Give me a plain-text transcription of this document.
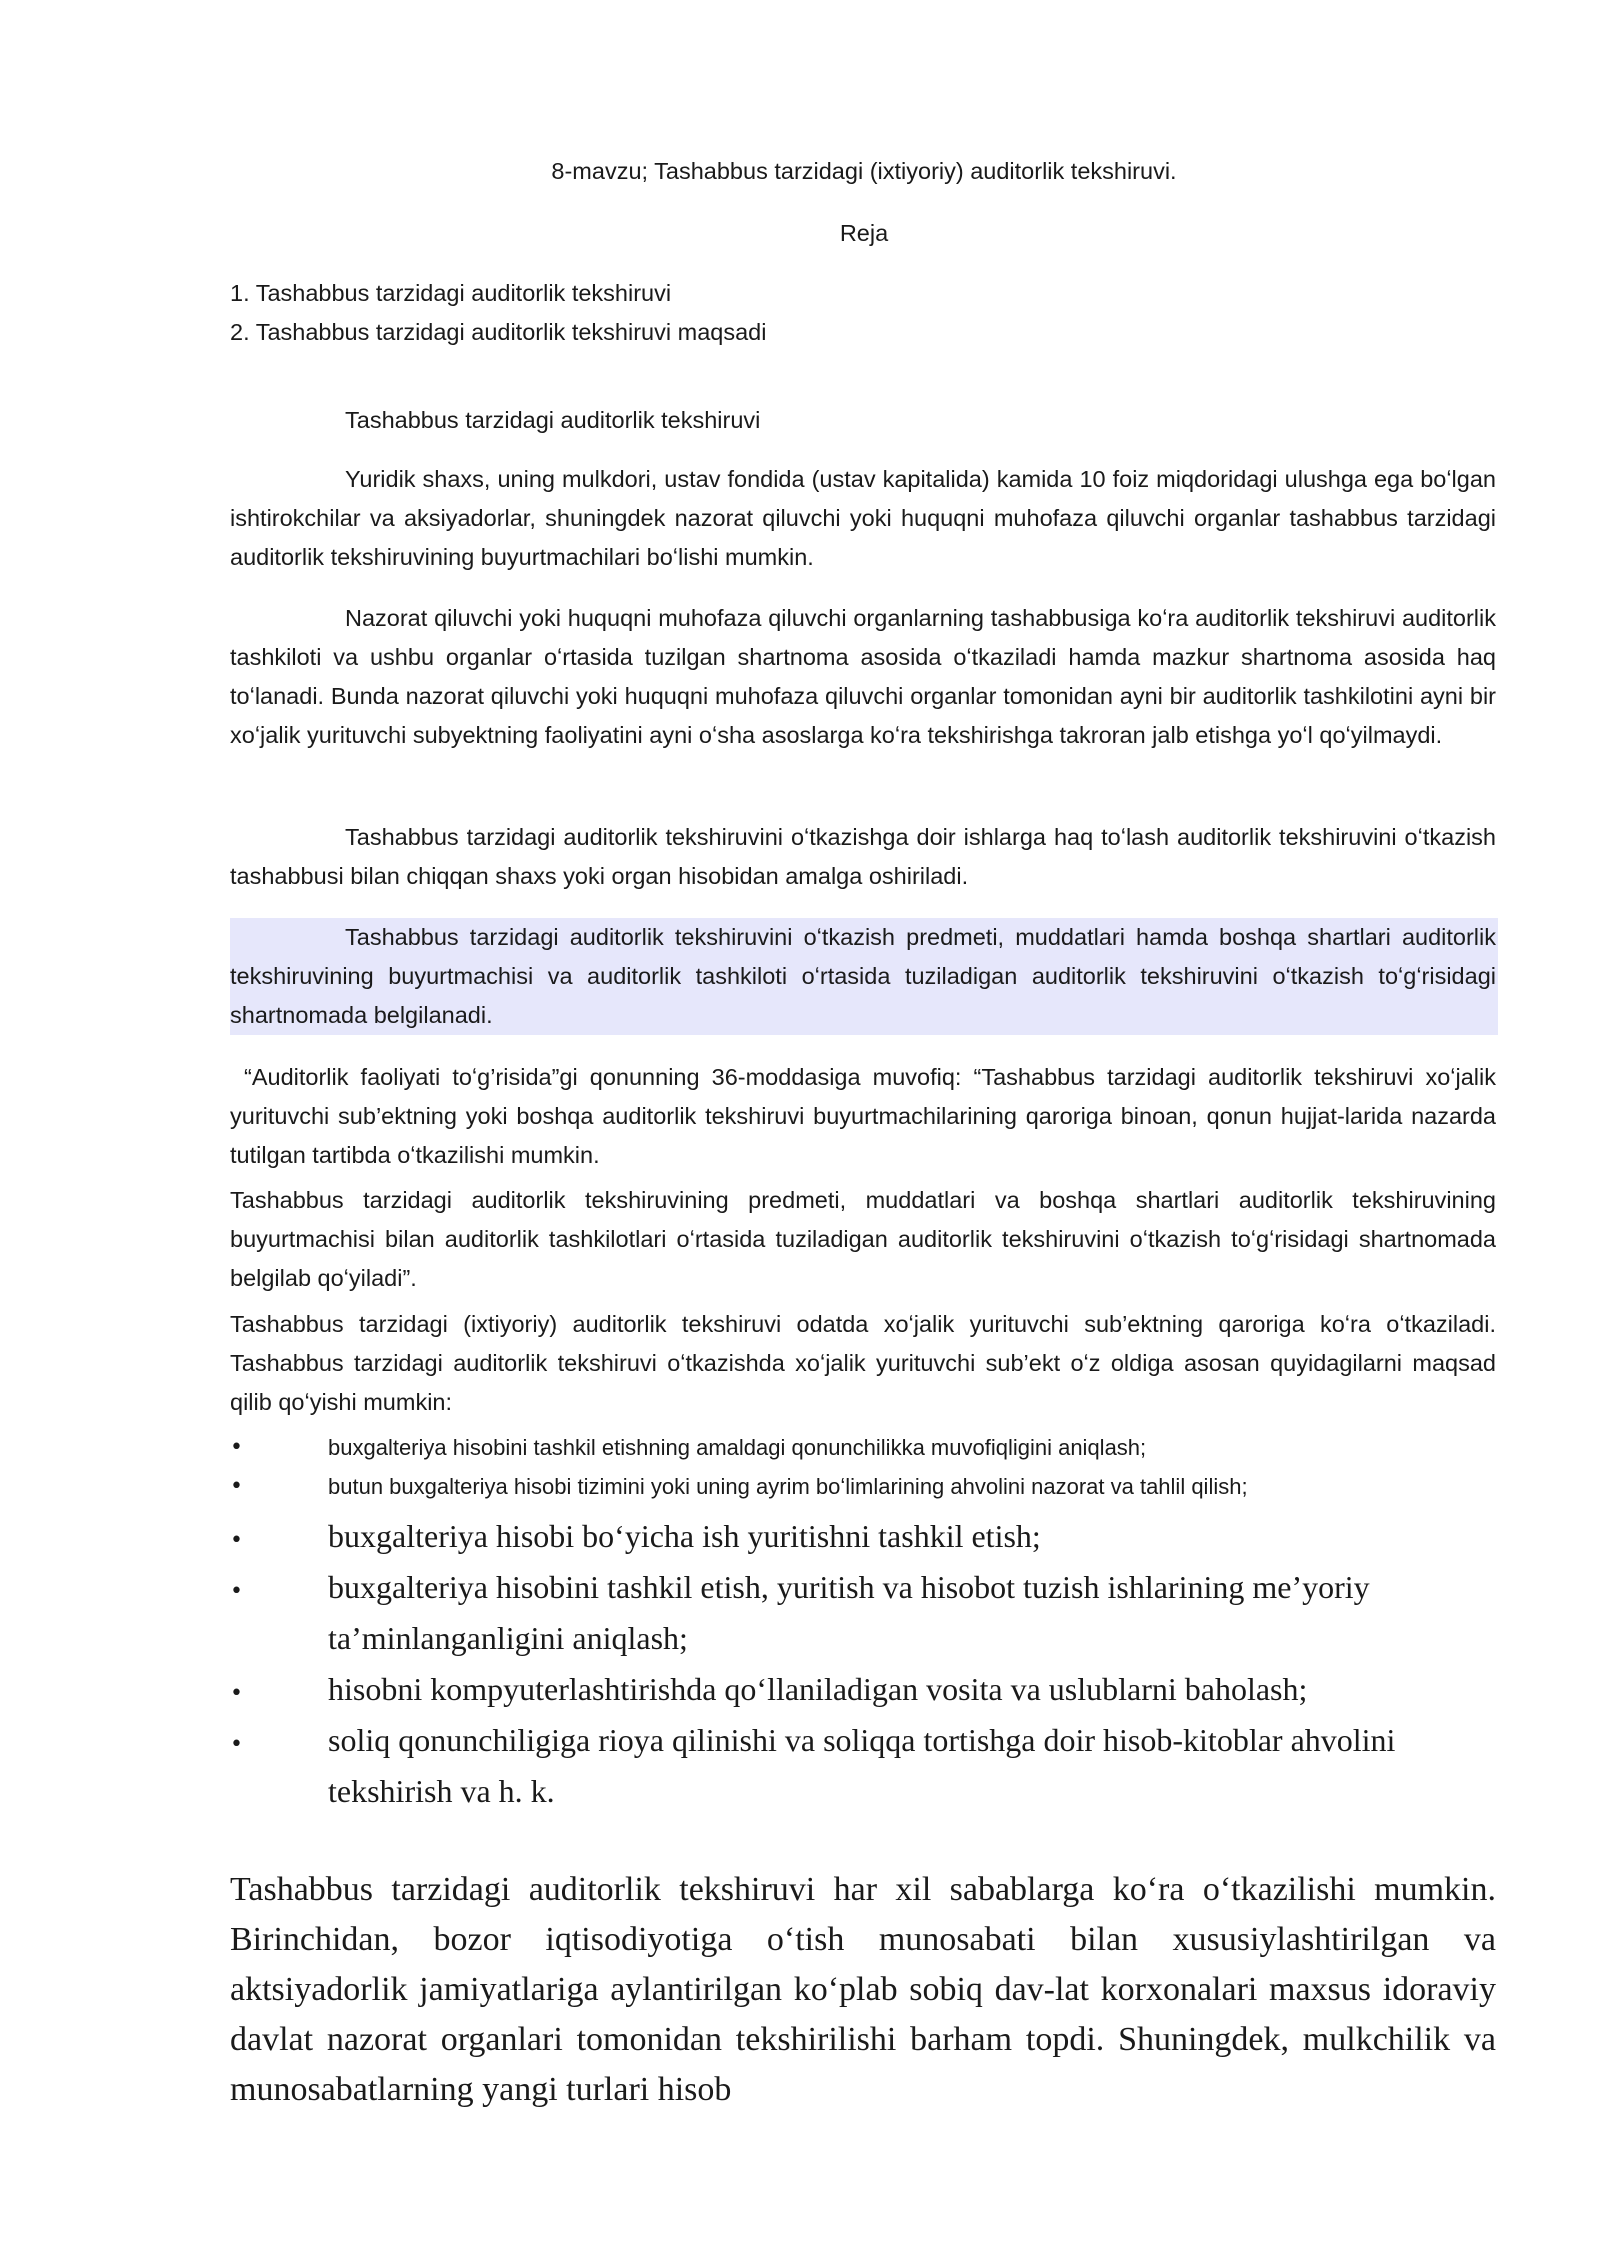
8-mavzu; Tashabbus tarzidagi (ixtiyoriy) auditorlik tekshiruvi.
Reja
1. Tashabbus tarzidagi auditorlik tekshiruvi
2. Tashabbus tarzidagi auditorlik tekshiruvi maqsadi
Tashabbus tarzidagi auditorlik tekshiruvi

Yuridik shaxs, uning mulkdori, ustav fondida (ustav kapitalida) kamida 10 foiz miqdoridagi ulushga ega boʻlgan ishtirokchilar va aksiyadorlar, shuningdek nazorat qiluvchi yoki huquqni muhofaza qiluvchi organlar tashabbus tarzidagi auditorlik tekshiruvining buyurtmachilari boʻlishi mumkin.

Nazorat qiluvchi yoki huquqni muhofaza qiluvchi organlarning tashabbusiga koʻra auditorlik tekshiruvi auditorlik tashkiloti va ushbu organlar oʻrtasida tuzilgan shartnoma asosida oʻtkaziladi hamda mazkur shartnoma asosida haq toʻlanadi. Bunda nazorat qiluvchi yoki huquqni muhofaza qiluvchi organlar tomonidan ayni bir auditorlik tashkilotini ayni bir xoʻjalik yurituvchi subyektning faoliyatini ayni oʻsha asoslarga koʻra tekshirishga takroran jalb etishga yoʻl qoʻyilmaydi.

Tashabbus tarzidagi auditorlik tekshiruvini oʻtkazishga doir ishlarga haq toʻlash auditorlik tekshiruvini oʻtkazish tashabbusi bilan chiqqan shaxs yoki organ hisobidan amalga oshiriladi.

Tashabbus tarzidagi auditorlik tekshiruvini oʻtkazish predmeti, muddatlari hamda boshqa shartlari auditorlik tekshiruvining buyurtmachisi va auditorlik tashkiloti oʻrtasida tuziladigan auditorlik tekshiruvini oʻtkazish toʻgʻrisidagi shartnomada belgilanadi.

“Auditorlik faoliyati toʻg’risida”gi qonunning 36-moddasiga muvofiq: “Tashabbus tarzidagi auditorlik tekshiruvi xoʻjalik yurituvchi sub’ektning yoki boshqa auditorlik tekshiruvi buyurtmachilarining qaroriga binoan, qonun hujjat-larida nazarda tutilgan tartibda oʻtkazilishi mumkin.

Tashabbus tarzidagi auditorlik tekshiruvining predmeti, muddatlari va boshqa shartlari auditorlik tekshiruvining buyurtmachisi bilan auditorlik tashkilotlari oʻrtasida tuziladigan auditorlik tekshiruvini oʻtkazish toʻgʻrisidagi shartnomada belgilab qoʻyiladi”.

Tashabbus tarzidagi (ixtiyoriy) auditorlik tekshiruvi odatda xoʻjalik yurituvchi sub’ektning qaroriga koʻra oʻtkaziladi. Tashabbus tarzidagi auditorlik tekshiruvi oʻtkazishda xoʻjalik yurituvchi sub’ekt oʻz oldiga asosan quyidagilarni maqsad qilib qoʻyishi mumkin:

•	buxgalteriya hisobini tashkil etishning amaldagi qonunchilikka muvofiqligini aniqlash;
•	butun buxgalteriya hisobi tizimini yoki uning ayrim boʻlimlarining ahvolini nazorat va tahlil qilish;
•	buxgalteriya hisobi boʻyicha ish yuritishni tashkil etish;
•	buxgalteriya hisobini tashkil etish, yuritish va hisobot tuzish ishlarining me’yoriy ta’minlanganligini aniqlash;
•	hisobni kompyuterlashtirishda qoʻllaniladigan vosita va uslublarni baholash;
•	soliq qonunchiligiga rioya qilinishi va soliqqa tortishga doir hisob-kitoblar ahvolini tekshirish va h. k.

Tashabbus tarzidagi auditorlik tekshiruvi har xil sabablarga koʻra oʻtkazilishi mumkin. Birinchidan, bozor iqtisodiyotiga oʻtish munosabati bilan xususiylashtirilgan va aktsiyadorlik jamiyatlariga aylantirilgan koʻplab sobiq dav-lat korxonalari maxsus idoraviy davlat nazorat organlari tomonidan tekshirilishi barham topdi. Shuningdek, mulkchilik va munosabatlarning yangi turlari hisob
